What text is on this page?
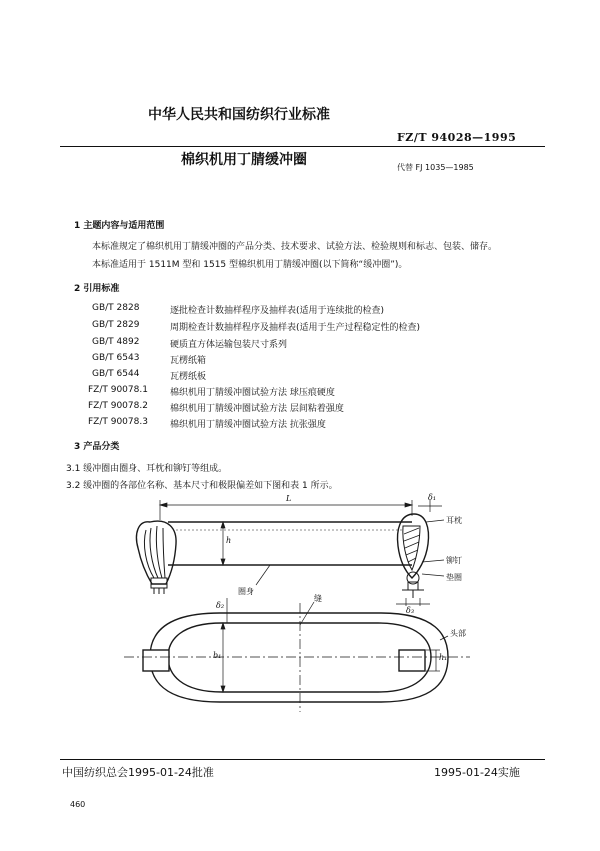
中华人民共和国纺织行业标准
FZ/T 94028—1995
棉织机用丁腈缓冲圈	代替 FJ 1035—1985
1 主题内容与适用范围
本标准规定了棉织机用丁腈缓冲圈的产品分类、技术要求、试验方法、检验规则和标志、包装、储存。
本标准适用于 1511M 型和 1515 型棉织机用丁腈缓冲圈(以下简称“缓冲圈”)。
2 引用标准
GB/T 2828	逐批检查计数抽样程序及抽样表(适用于连续批的检查)
GB/T 2829	周期检查计数抽样程序及抽样表(适用于生产过程稳定性的检查)
GB/T 4892	硬质直方体运输包装尺寸系列
GB/T 6543	瓦楞纸箱
GB/T 6544	瓦楞纸板
FZ/T 90078.1 棉织机用丁腈缓冲圈试验方法 球压痕硬度
FZ/T 90078.2 棉织机用丁腈缓冲圈试验方法 层间粘着强度
FZ/T 90078.3 棉织机用丁腈缓冲圈试验方法 抗张强度
3 产品分类
3.1 缓冲圈由圈身、耳枕和铆钉等组成。
3.2 缓冲圈的各部位名称、基本尺寸和极限偏差如下图和表 1 所示。
L	δ₁
h
耳枕
铆钉
垫圈
圈身
δ₃
缝
头部
δ₂
b₁	h₁
中国纺织总会1995-01-24批准	1995-01-24实施
460
